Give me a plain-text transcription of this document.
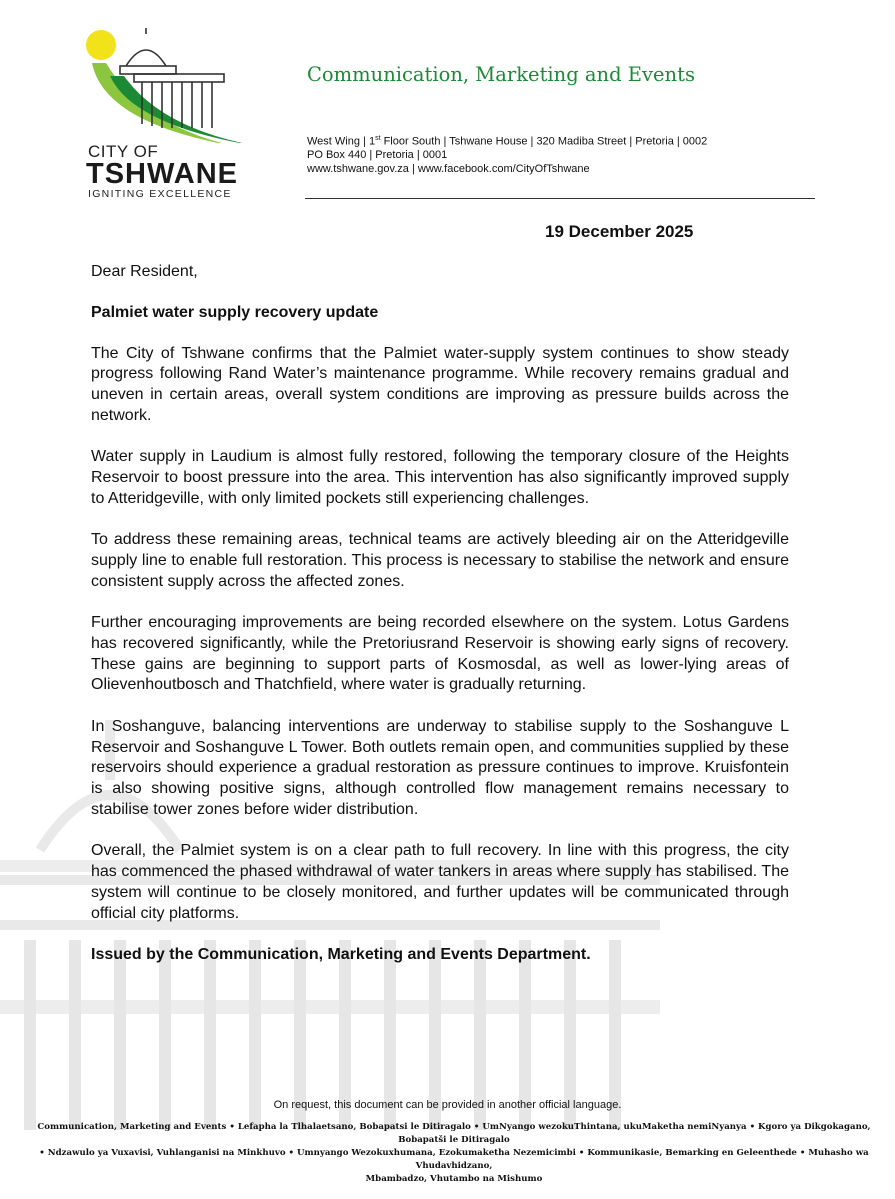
CITY OF
TSHWANE
IGNITING EXCELLENCE
Communication, Marketing and Events
West Wing | 1st Floor South | Tshwane House | 320 Madiba Street | Pretoria | 0002
PO Box 440 | Pretoria | 0001
www.tshwane.gov.za | www.facebook.com/CityOfTshwane
19 December 2025

Dear Resident,

Palmiet water supply recovery update

The City of Tshwane confirms that the Palmiet water-supply system continues to show steady progress following Rand Water’s maintenance programme. While recovery remains gradual and uneven in certain areas, overall system conditions are improving as pressure builds across the network.

Water supply in Laudium is almost fully restored, following the temporary closure of the Heights Reservoir to boost pressure into the area. This intervention has also significantly improved supply to Atteridgeville, with only limited pockets still experiencing challenges.

To address these remaining areas, technical teams are actively bleeding air on the Atteridgeville supply line to enable full restoration. This process is necessary to stabilise the network and ensure consistent supply across the affected zones.

Further encouraging improvements are being recorded elsewhere on the system. Lotus Gardens has recovered significantly, while the Pretoriusrand Reservoir is showing early signs of recovery. These gains are beginning to support parts of Kosmosdal, as well as lower-lying areas of Olievenhoutbosch and Thatchfield, where water is gradually returning.

In Soshanguve, balancing interventions are underway to stabilise supply to the Soshanguve L Reservoir and Soshanguve L Tower. Both outlets remain open, and communities supplied by these reservoirs should experience a gradual restoration as pressure continues to improve. Kruisfontein is also showing positive signs, although controlled flow management remains necessary to stabilise tower zones before wider distribution.

Overall, the Palmiet system is on a clear path to full recovery. In line with this progress, the city has commenced the phased withdrawal of water tankers in areas where supply has stabilised. The system will continue to be closely monitored, and further updates will be communicated through official city platforms.

Issued by the Communication, Marketing and Events Department.

On request, this document can be provided in another official language.
Communication, Marketing and Events • Lefapha la Tlhalaetsano, Bobapatsi le Ditiragalo • UmNyango wezokuThintana, ukuMaketha nemiNyanya • Kgoro ya Dikgokagano, Bobapatši le Ditiragalo
• Ndzawulo ya Vuxavisi, Vuhlanganisi na Minkhuvo • Umnyango Wezokuxhumana, Ezokumaketha Nezemicimbi • Kommunikasie, Bemarking en Geleenthede • Muhasho wa Vhudavhidzano,
Mbambadzo, Vhutambo na Mishumo
